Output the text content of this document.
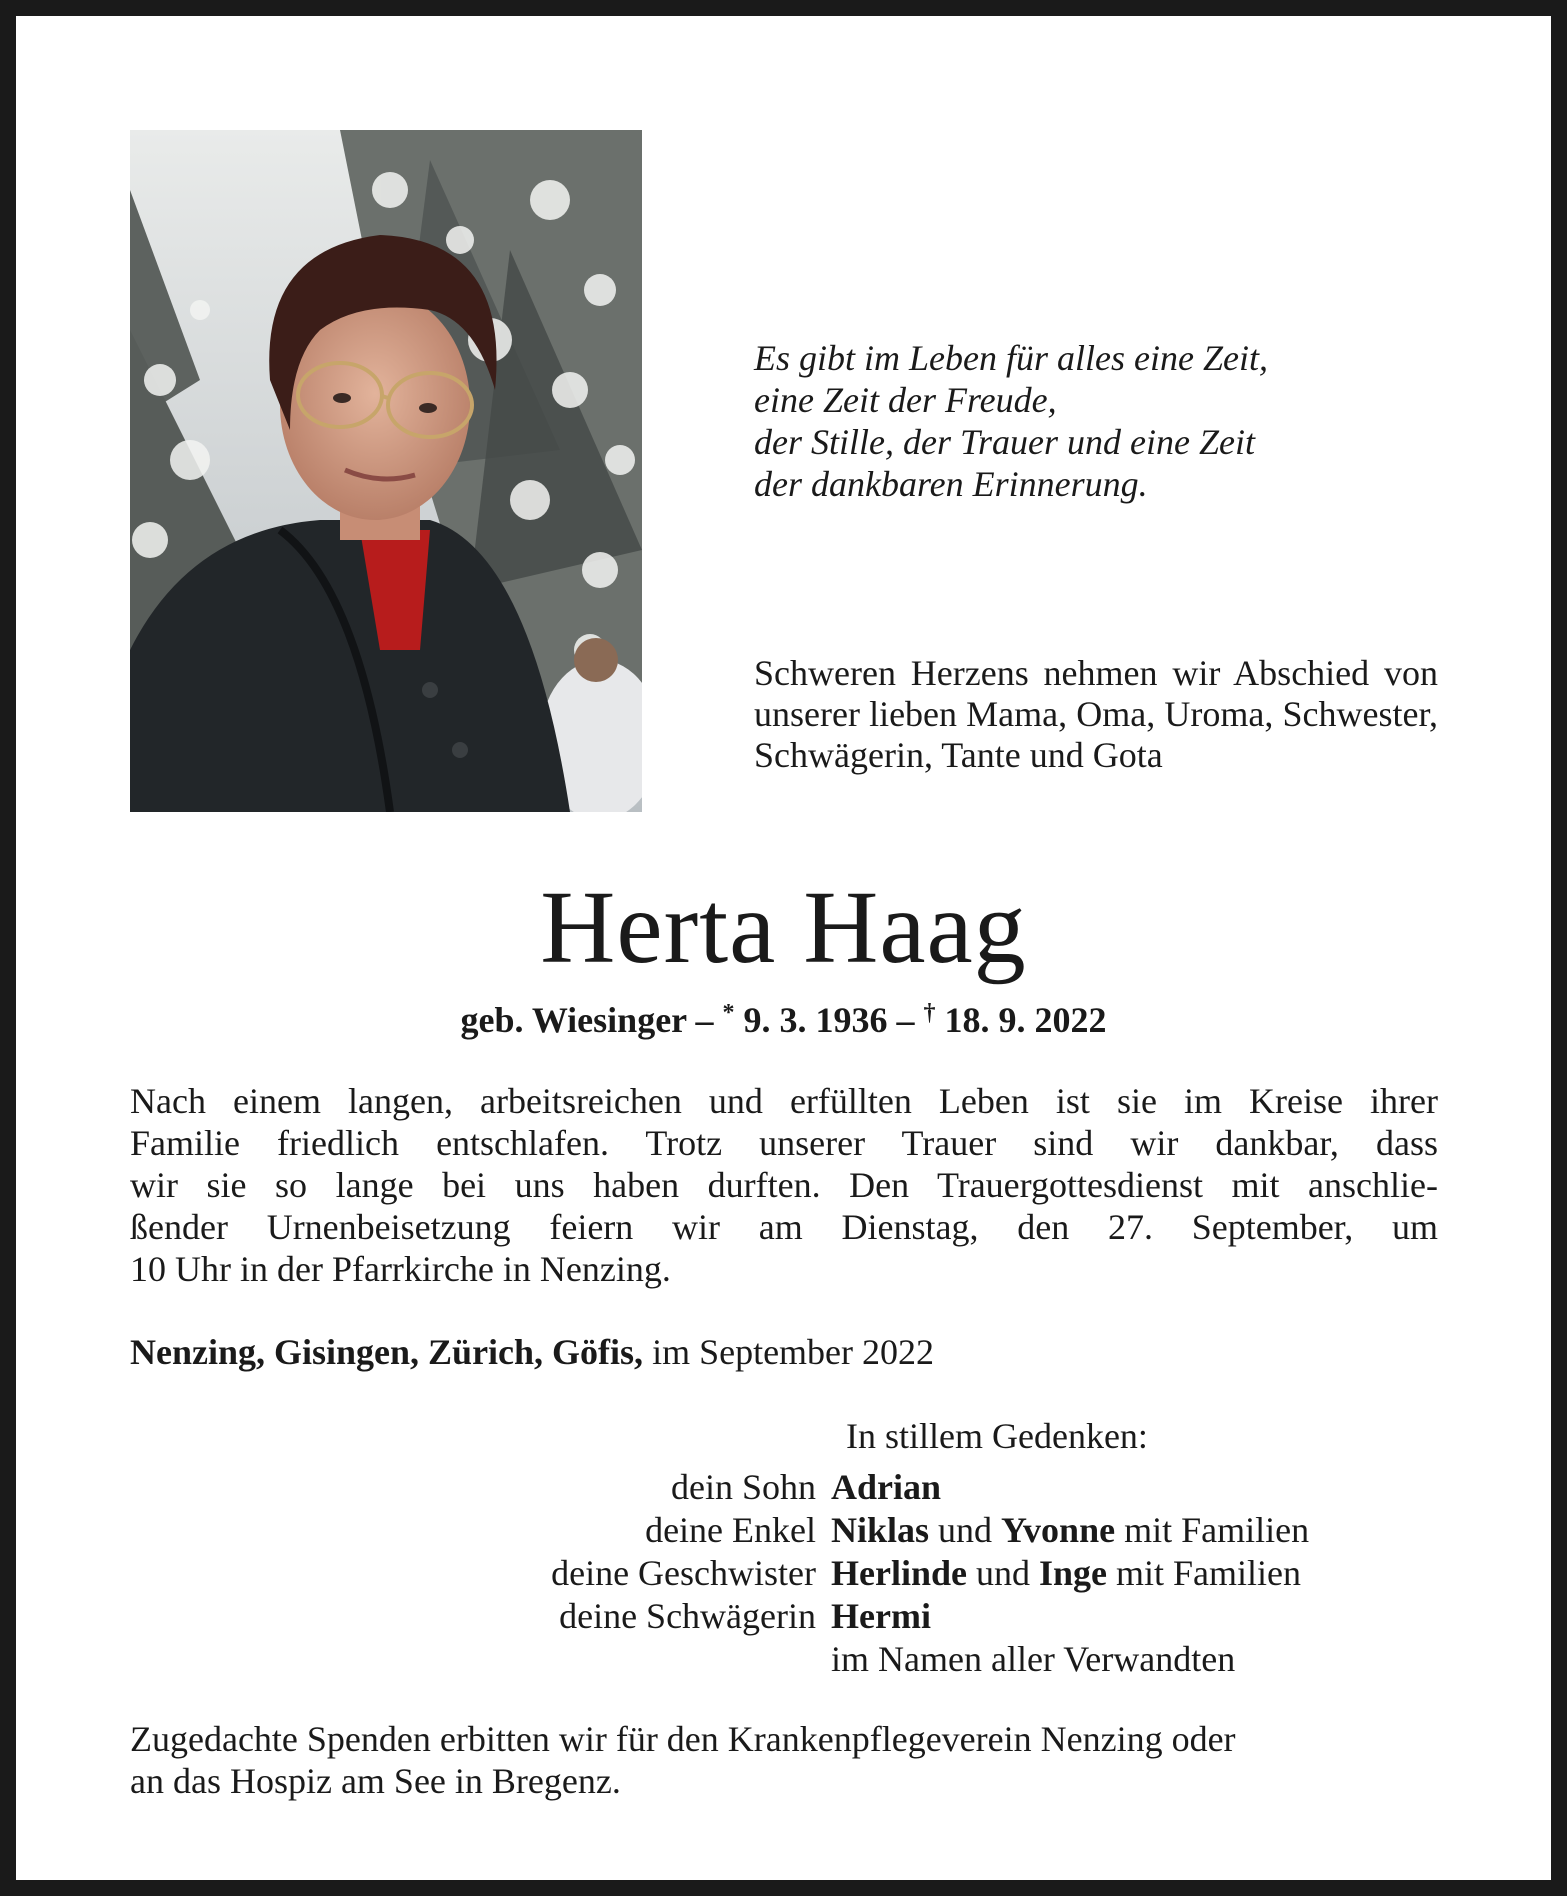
Es gibt im Leben für alles eine Zeit,
eine Zeit der Freude,
der Stille, der Trauer und eine Zeit
der dankbaren Erinnerung.
Schweren Herzens nehmen wir Abschied von unserer lieben Mama, Oma, Uroma, Schwester, Schwägerin, Tante und Gota
Herta Haag
geb. Wiesinger – * 9. 3. 1936 – † 18. 9. 2022
Nach einem langen, arbeitsreichen und erfüllten Leben ist sie im Kreise ihrer
Familie friedlich entschlafen. Trotz unserer Trauer sind wir dankbar, dass
wir sie so lange bei uns haben durften. Den Trauergottesdienst mit anschlie-
ßender Urnenbeisetzung feiern wir am Dienstag, den 27. September, um
10 Uhr in der Pfarrkirche in Nenzing.
Nenzing, Gisingen, Zürich, Göfis, im September 2022
In stillem Gedenken:
dein Sohn Adrian
deine Enkel Niklas und Yvonne mit Familien
deine Geschwister Herlinde und Inge mit Familien
deine Schwägerin Hermi
im Namen aller Verwandten
Zugedachte Spenden erbitten wir für den Krankenpflegeverein Nenzing oder
an das Hospiz am See in Bregenz.
